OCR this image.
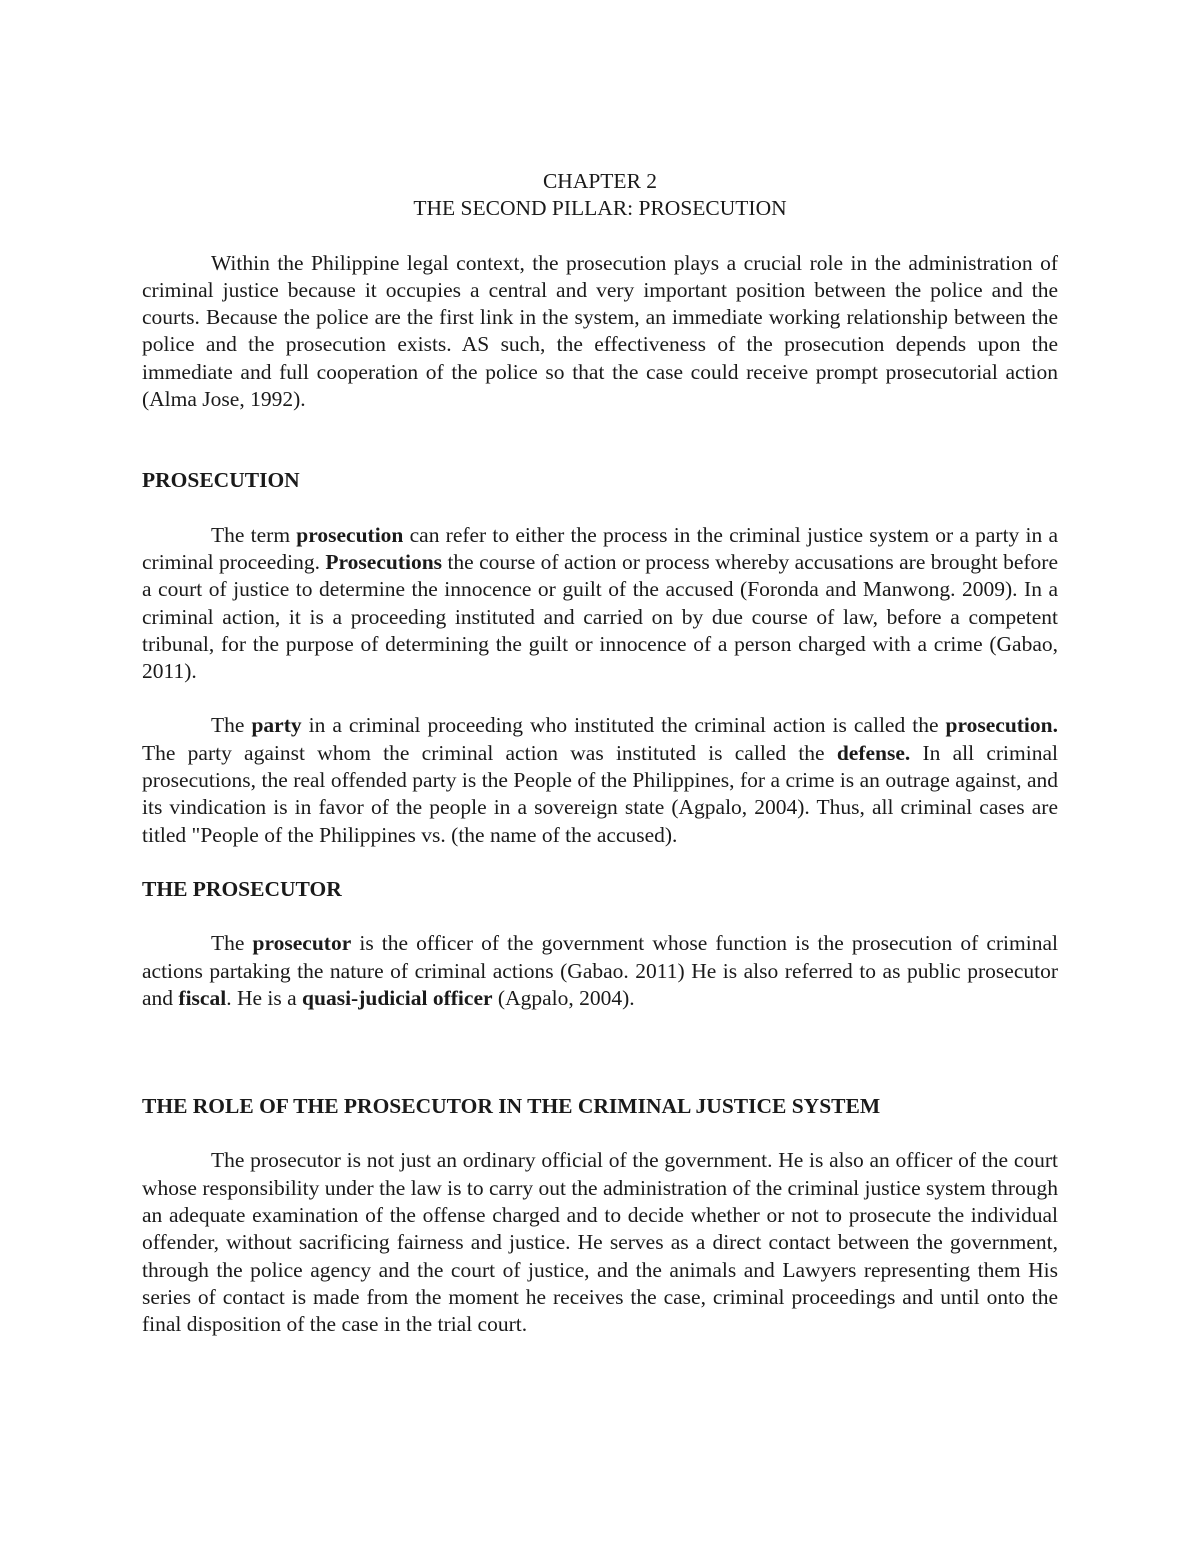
CHAPTER 2

THE SECOND PILLAR: PROSECUTION

Within the Philippine legal context, the prosecution plays a crucial role in the administration of criminal justice because it occupies a central and very important position between the police and the courts. Because the police are the first link in the system, an immediate working relationship between the police and the prosecution exists. AS such, the effectiveness of the prosecution depends upon the immediate and full cooperation of the police so that the case could receive prompt prosecutorial action (Alma Jose, 1992).

PROSECUTION

The term prosecution can refer to either the process in the criminal justice system or a party in a criminal proceeding. Prosecutions the course of action or process whereby accusations are brought before a court of justice to determine the innocence or guilt of the accused (Foronda and Manwong. 2009). In a criminal action, it is a proceeding instituted and carried on by due course of law, before a competent tribunal, for the purpose of determining the guilt or innocence of a person charged with a crime (Gabao, 2011).

The party in a criminal proceeding who instituted the criminal action is called the prosecution. The party against whom the criminal action was instituted is called the defense. In all criminal prosecutions, the real offended party is the People of the Philippines, for a crime is an outrage against, and its vindication is in favor of the people in a sovereign state (Agpalo, 2004). Thus, all criminal cases are titled "People of the Philippines vs. (the name of the accused).

THE PROSECUTOR

The prosecutor is the officer of the government whose function is the prosecution of criminal actions partaking the nature of criminal actions (Gabao. 2011) He is also referred to as public prosecutor and fiscal. He is a quasi-judicial officer (Agpalo, 2004).

THE ROLE OF THE PROSECUTOR IN THE CRIMINAL JUSTICE SYSTEM

The prosecutor is not just an ordinary official of the government. He is also an officer of the court whose responsibility under the law is to carry out the administration of the criminal justice system through an adequate examination of the offense charged and to decide whether or not to prosecute the individual offender, without sacrificing fairness and justice. He serves as a direct contact between the government, through the police agency and the court of justice, and the animals and Lawyers representing them His series of contact is made from the moment he receives the case, criminal proceedings and until onto the final disposition of the case in the trial court.
